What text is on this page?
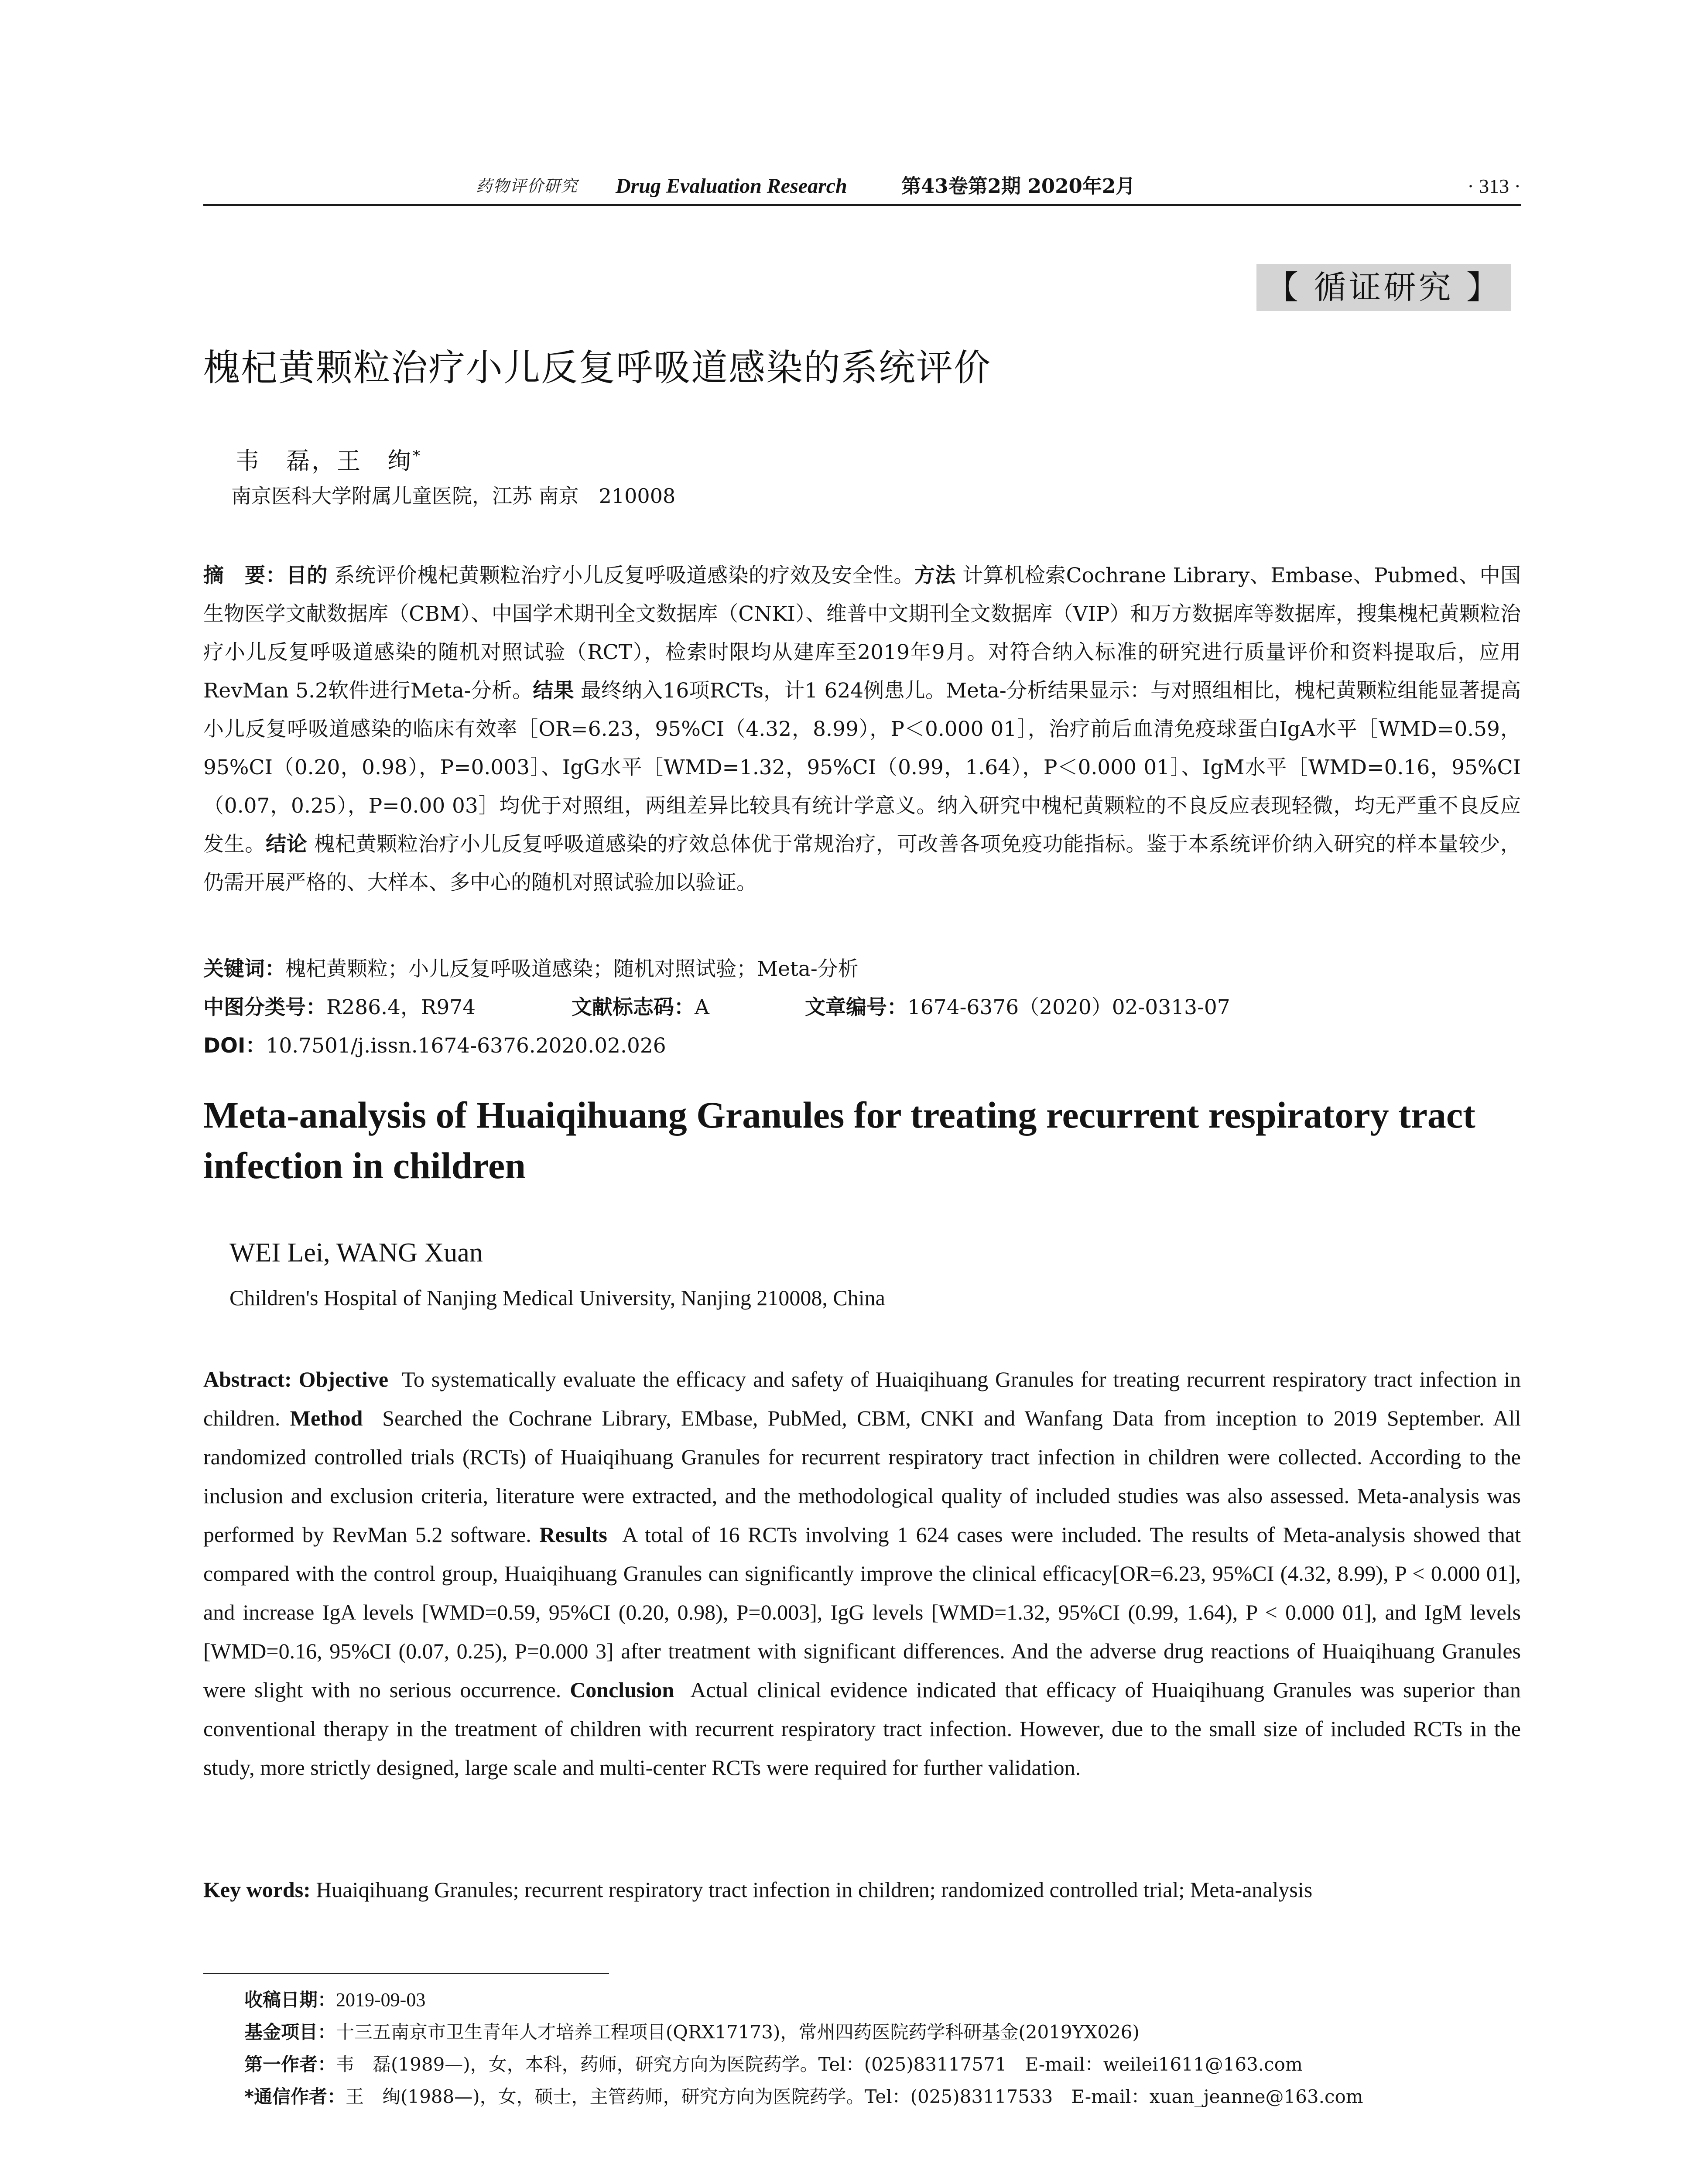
药物评价研究 Drug Evaluation Research	第43卷第2期 2020年2月	· 313 ·
【 循证研究 】
槐杞黄颗粒治疗小儿反复呼吸道感染的系统评价
韦　磊，王　绚*
南京医科大学附属儿童医院，江苏 南京　210008
摘　要：目的 系统评价槐杞黄颗粒治疗小儿反复呼吸道感染的疗效及安全性。方法 计算机检索Cochrane Library、Embase、Pubmed、中国生物医学文献数据库（CBM）、中国学术期刊全文数据库（CNKI）、维普中文期刊全文数据库（VIP）和万方数据库等数据库，搜集槐杞黄颗粒治疗小儿反复呼吸道感染的随机对照试验（RCT），检索时限均从建库至2019年9月。对符合纳入标准的研究进行质量评价和资料提取后，应用RevMan 5.2软件进行Meta-分析。结果 最终纳入16项RCTs，计1 624例患儿。Meta-分析结果显示：与对照组相比，槐杞黄颗粒组能显著提高小儿反复呼吸道感染的临床有效率［OR=6.23，95%CI（4.32，8.99），P＜0.000 01］，治疗前后血清免疫球蛋白IgA水平［WMD=0.59，95%CI（0.20，0.98），P=0.003］、IgG水平［WMD=1.32，95%CI（0.99，1.64），P＜0.000 01］、IgM水平［WMD=0.16，95%CI（0.07，0.25），P=0.00 03］均优于对照组，两组差异比较具有统计学意义。纳入研究中槐杞黄颗粒的不良反应表现轻微，均无严重不良反应发生。结论 槐杞黄颗粒治疗小儿反复呼吸道感染的疗效总体优于常规治疗，可改善各项免疫功能指标。鉴于本系统评价纳入研究的样本量较少，仍需开展严格的、大样本、多中心的随机对照试验加以验证。
关键词：槐杞黄颗粒；小儿反复呼吸道感染；随机对照试验；Meta-分析
中图分类号：R286.4，R974	文献标志码：A	文章编号：1674-6376（2020）02-0313-07
DOI：10.7501/j.issn.1674-6376.2020.02.026
Meta-analysis of Huaiqihuang Granules for treating recurrent respiratory tract infection in children
WEI Lei, WANG Xuan
Children's Hospital of Nanjing Medical University, Nanjing 210008, China
Abstract: Objective To systematically evaluate the efficacy and safety of Huaiqihuang Granules for treating recurrent respiratory tract infection in children. Method Searched the Cochrane Library, EMbase, PubMed, CBM, CNKI and Wanfang Data from inception to 2019 September. All randomized controlled trials (RCTs) of Huaiqihuang Granules for recurrent respiratory tract infection in children were collected. According to the inclusion and exclusion criteria, literature were extracted, and the methodological quality of included studies was also assessed. Meta-analysis was performed by RevMan 5.2 software. Results A total of 16 RCTs involving 1 624 cases were included. The results of Meta-analysis showed that compared with the control group, Huaiqihuang Granules can significantly improve the clinical efficacy[OR=6.23, 95%CI (4.32, 8.99), P < 0.000 01], and increase IgA levels [WMD=0.59, 95%CI (0.20, 0.98), P=0.003], IgG levels [WMD=1.32, 95%CI (0.99, 1.64), P < 0.000 01], and IgM levels [WMD=0.16, 95%CI (0.07, 0.25), P=0.000 3] after treatment with significant differences. And the adverse drug reactions of Huaiqihuang Granules were slight with no serious occurrence. Conclusion Actual clinical evidence indicated that efficacy of Huaiqihuang Granules was superior than conventional therapy in the treatment of children with recurrent respiratory tract infection. However, due to the small size of included RCTs in the study, more strictly designed, large scale and multi-center RCTs were required for further validation.
Key words: Huaiqihuang Granules; recurrent respiratory tract infection in children; randomized controlled trial; Meta-analysis
收稿日期：2019-09-03
基金项目：十三五南京市卫生青年人才培养工程项目(QRX17173)，常州四药医院药学科研基金(2019YX026)
第一作者：韦　磊(1989—)，女，本科，药师，研究方向为医院药学。Tel：(025)83117571　E-mail：weilei1611@163.com
*通信作者：王　绚(1988—)，女，硕士，主管药师，研究方向为医院药学。Tel：(025)83117533　E-mail：xuan_jeanne@163.com
